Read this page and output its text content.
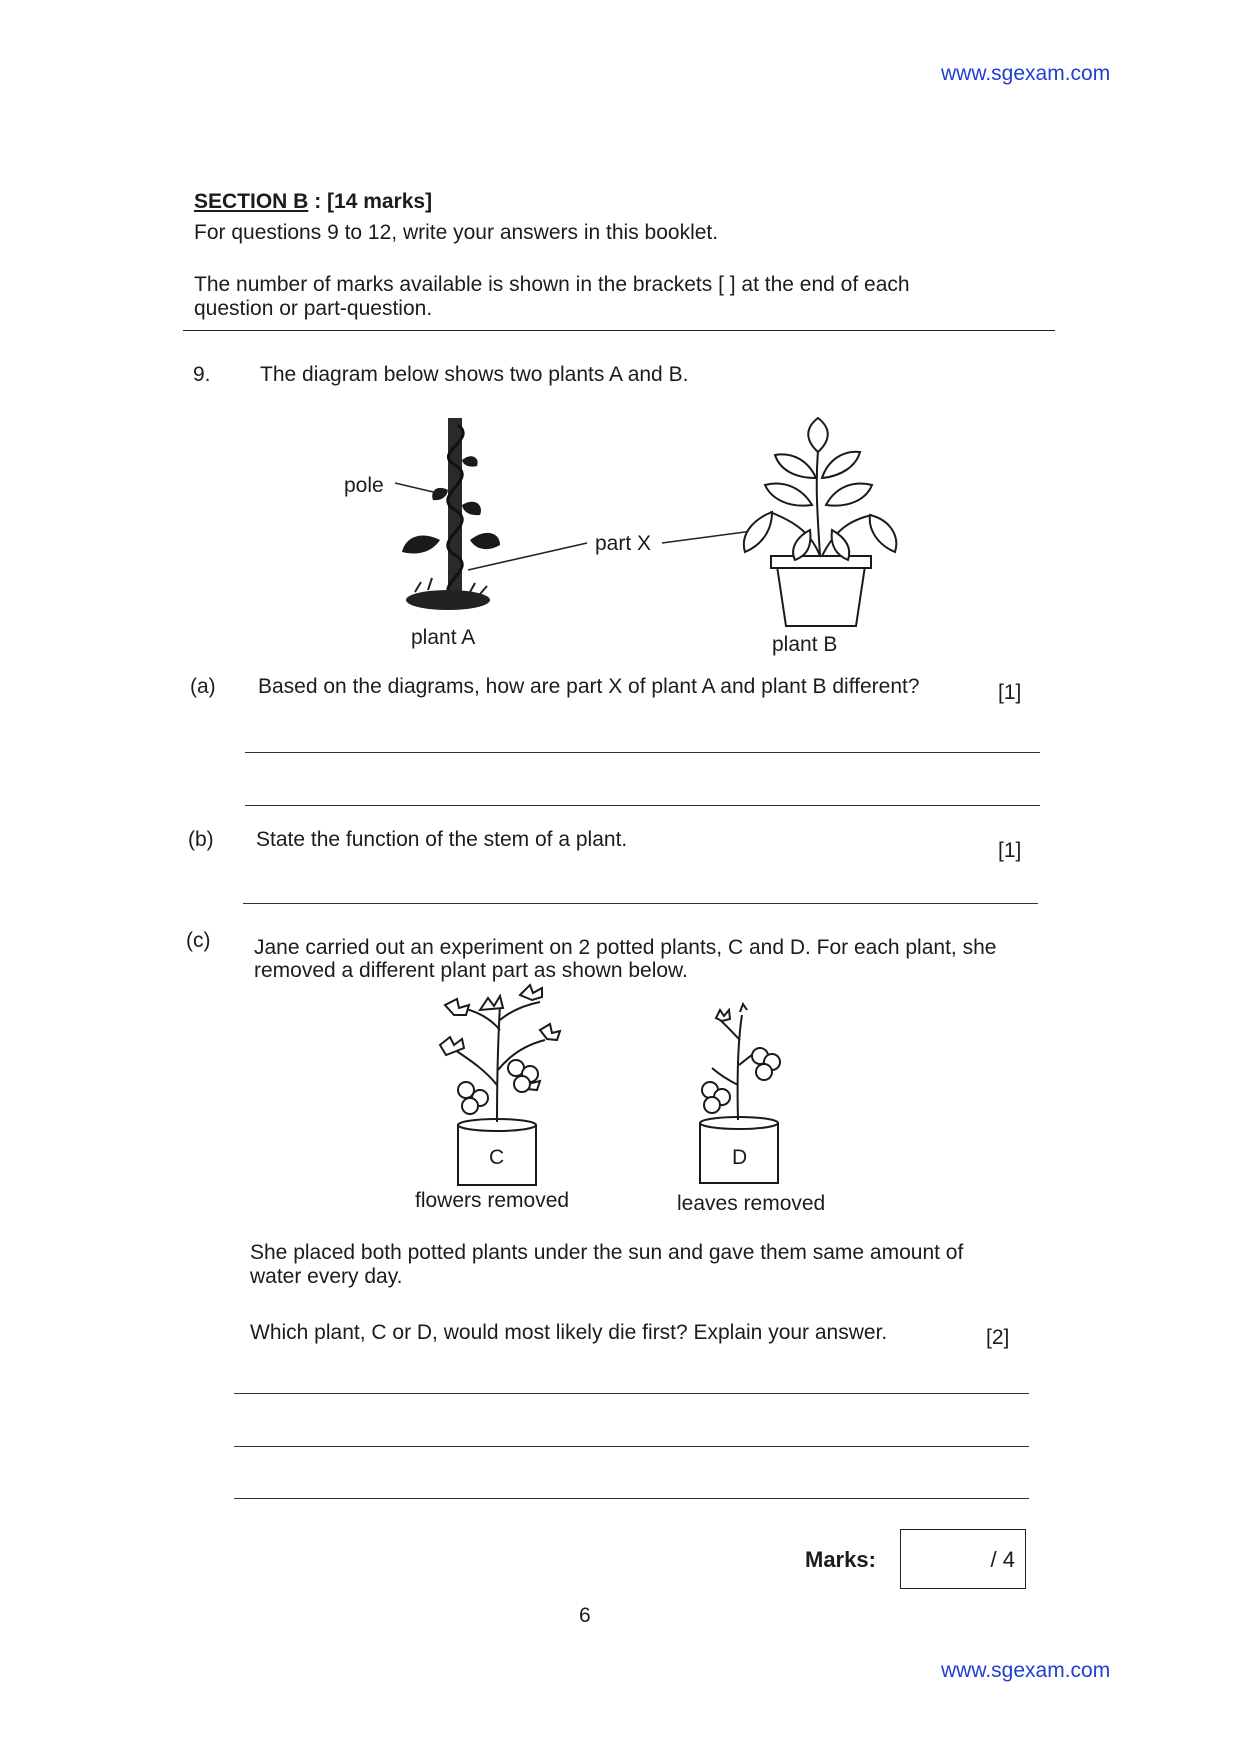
www.sgexam.com
SECTION B : [14 marks]
For questions 9 to 12, write your answers in this booklet.
The number of marks available is shown in the brackets [ ] at the end of each
question or part-question.
9. The diagram below shows two plants A and B.
pole
part X
plant A	plant B
(a) Based on the diagrams, how are part X of plant A and plant B different?	[1]
(b) State the function of the stem of a plant.	[1]
(c) Jane carried out an experiment on 2 potted plants, C and D. For each plant, she
removed a different plant part as shown below.
C	D
flowers removed	leaves removed
She placed both potted plants under the sun and gave them same amount of
water every day.
Which plant, C or D, would most likely die first? Explain your answer.	[2]
Marks:	/ 4
6
www.sgexam.com
